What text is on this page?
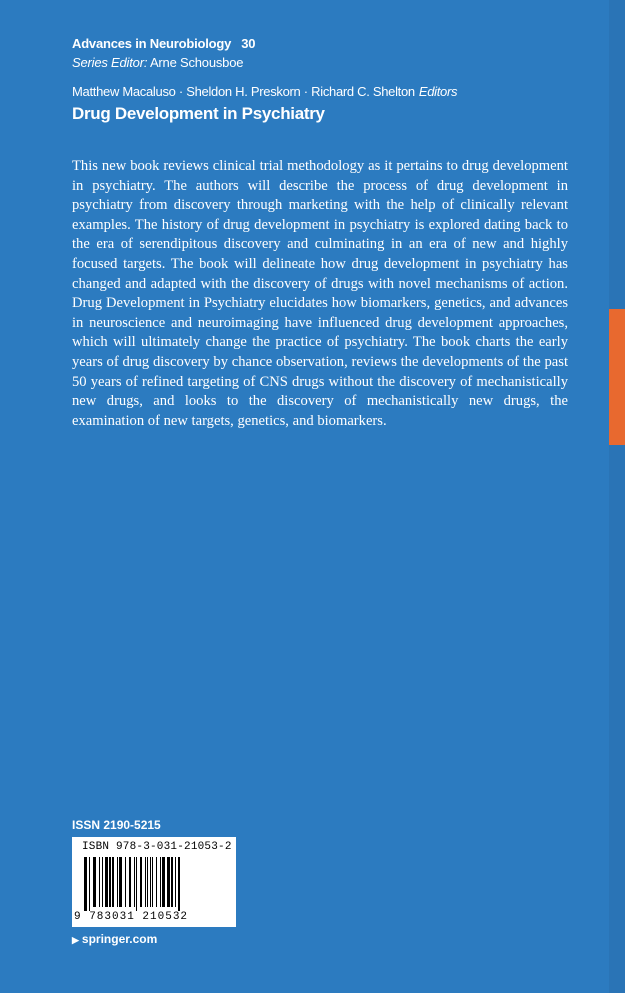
Advances in Neurobiology 30
Series Editor: Arne Schousboe
Matthew Macaluso · Sheldon H. Preskorn · Richard C. Shelton Editors
Drug Development in Psychiatry

This new book reviews clinical trial methodology as it pertains to drug development in psychiatry. The authors will describe the process of drug development in psychiatry from discovery through marketing with the help of clinically relevant examples. The history of drug development in psychiatry is explored dating back to the era of serendipitous discovery and culminating in an era of new and highly focused targets. The book will delineate how drug development in psychiatry has changed and adapted with the discovery of drugs with novel mechanisms of action. Drug Development in Psychiatry elucidates how biomarkers, genetics, and advances in neuroscience and neuroimaging have influenced drug development approaches, which will ultimately change the practice of psychiatry. The book charts the early years of drug discovery by chance observation, reviews the developments of the past 50 years of refined targeting of CNS drugs without the discovery of mechanistically new drugs, and looks to the discovery of mechanistically new drugs, the examination of new targets, genetics, and biomarkers.

ISSN 2190-5215
ISBN 978-3-031-21053-2
9 783031 210532
▶ springer.com
